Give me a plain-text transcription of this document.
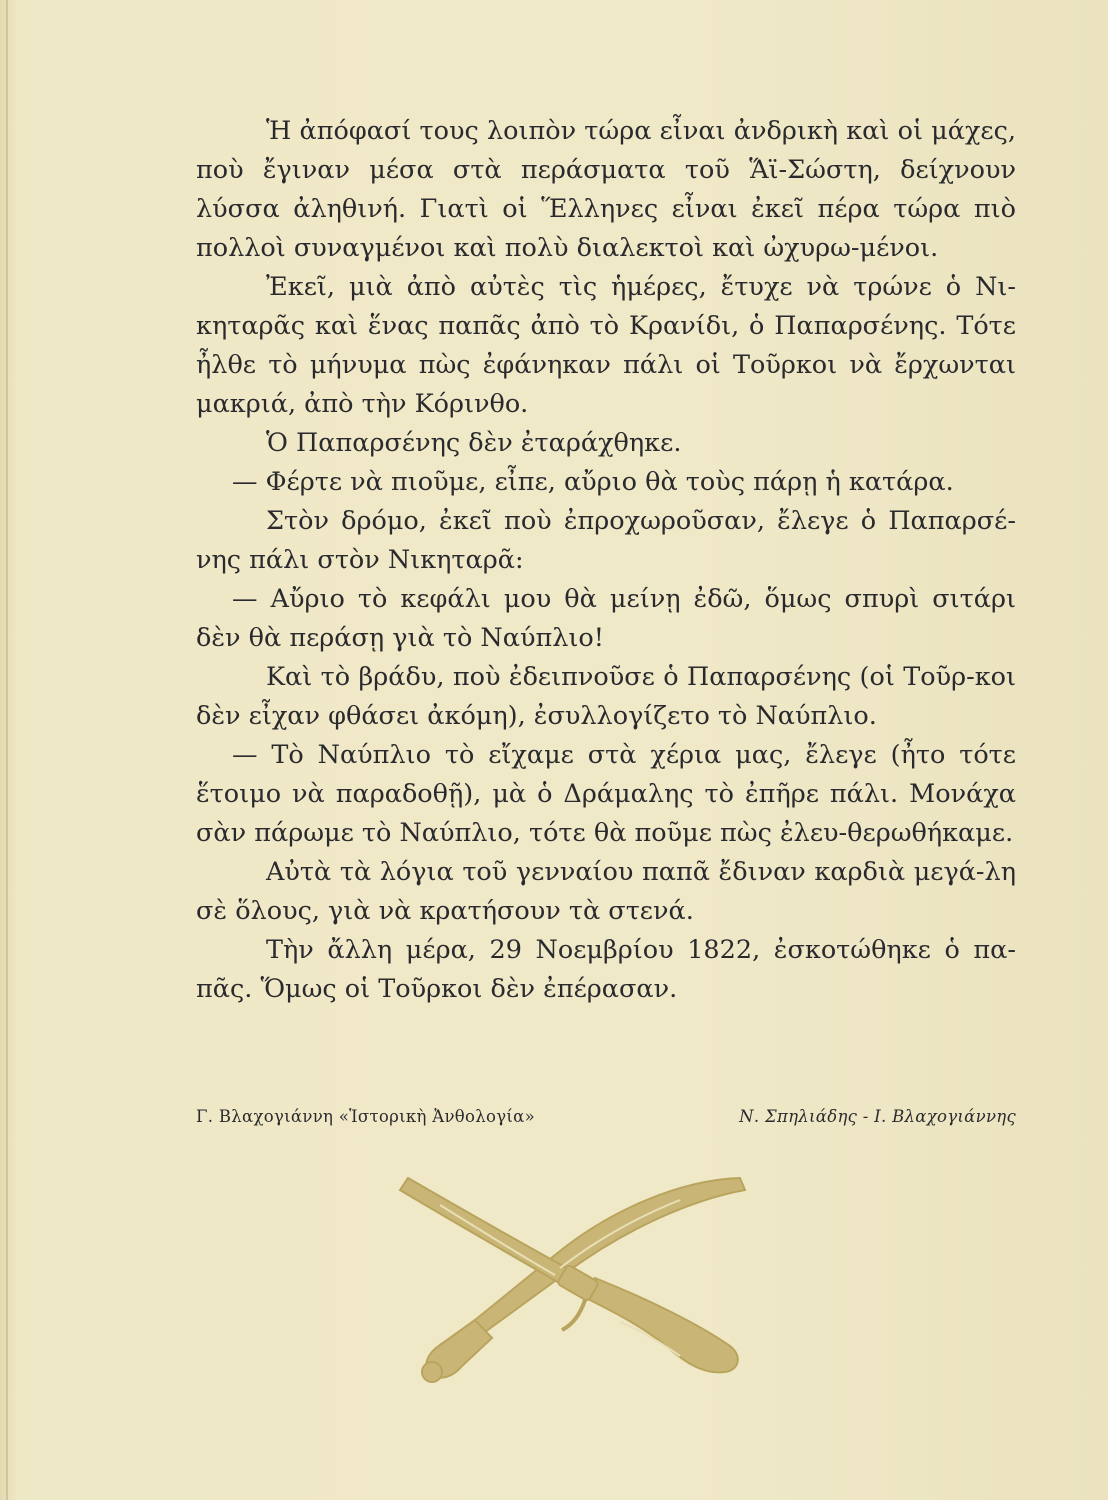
Ἡ ἀπόφασί τους λοιπὸν τώρα εἶναι ἀνδρικὴ καὶ οἱ μάχες, ποὺ ἔγιναν μέσα στὰ περάσματα τοῦ Ἅϊ-Σώστη, δείχνουν λύσσα ἀληθινή. Γιατὶ οἱ Ἕλληνες εἶναι ἐκεῖ πέρα τώρα πιὸ πολλοὶ συναγμένοι καὶ πολὺ διαλεκτοὶ καὶ ὠχυρω-μένοι.

Ἐκεῖ, μιὰ ἀπὸ αὐτὲς τὶς ἡμέρες, ἔτυχε νὰ τρώνε ὁ Νι-κηταρᾶς καὶ ἕνας παπᾶς ἀπὸ τὸ Κρανίδι, ὁ Παπαρσένης. Τότε ἦλθε τὸ μήνυμα πὼς ἐφάνηκαν πάλι οἱ Τοῦρκοι νὰ ἔρχωνται μακριά, ἀπὸ τὴν Κόρινθο.

Ὁ Παπαρσένης δὲν ἐταράχθηκε.

— Φέρτε νὰ πιοῦμε, εἶπε, αὔριο θὰ τοὺς πάρῃ ἡ κατάρα.

Στὸν δρόμο, ἐκεῖ ποὺ ἐπροχωροῦσαν, ἔλεγε ὁ Παπαρσέ-νης πάλι στὸν Νικηταρᾶ:

— Αὔριο τὸ κεφάλι μου θὰ μείνῃ ἐδῶ, ὅμως σπυρὶ σιτάρι δὲν θὰ περάσῃ γιὰ τὸ Ναύπλιο!

Καὶ τὸ βράδυ, ποὺ ἐδειπνοῦσε ὁ Παπαρσένης (οἱ Τοῦρ-κοι δὲν εἶχαν φθάσει ἀκόμη), ἐσυλλογίζετο τὸ Ναύπλιο.

— Τὸ Ναύπλιο τὸ εἴχαμε στὰ χέρια μας, ἔλεγε (ἦτο τότε ἕτοιμο νὰ παραδοθῇ), μὰ ὁ Δράμαλης τὸ ἐπῆρε πάλι. Μονάχα σὰν πάρωμε τὸ Ναύπλιο, τότε θὰ ποῦμε πὼς ἐλευ-θερωθήκαμε.

Αὐτὰ τὰ λόγια τοῦ γενναίου παπᾶ ἔδιναν καρδιὰ μεγά-λη σὲ ὅλους, γιὰ νὰ κρατήσουν τὰ στενά.

Τὴν ἄλλη μέρα, 29 Νοεμβρίου 1822, ἐσκοτώθηκε ὁ πα-πᾶς. Ὅμως οἱ Τοῦρκοι δὲν ἐπέρασαν.

Γ. Βλαχογιάννη «Ἱστορικὴ Ἀνθολογία»	Ν. Σπηλιάδης - Ι. Βλαχογιάννης
